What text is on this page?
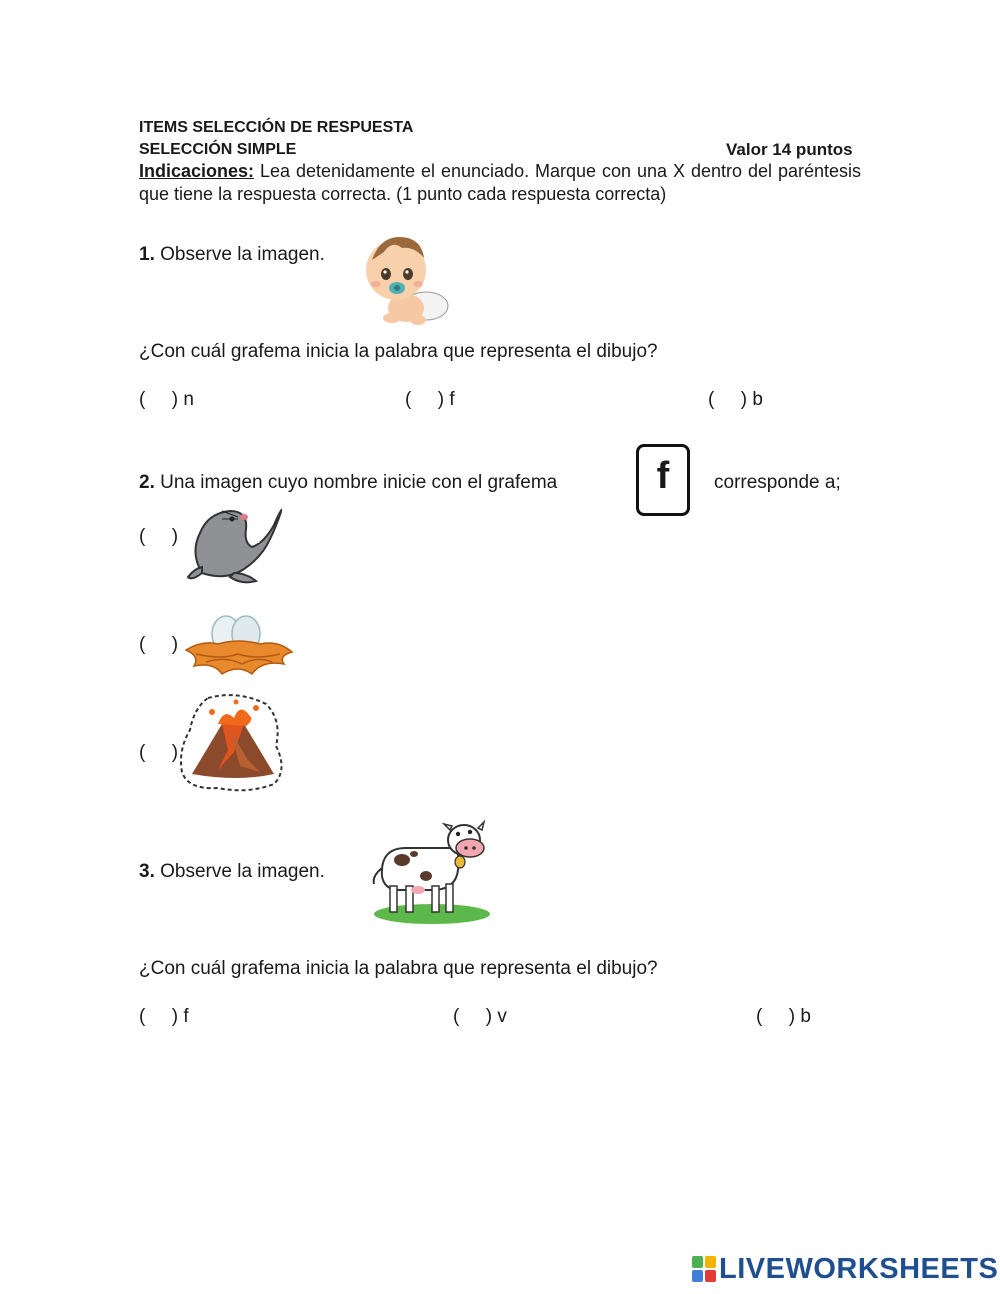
ITEMS SELECCIÓN DE RESPUESTA
SELECCIÓN SIMPLE	Valor 14 puntos
Indicaciones: Lea detenidamente el enunciado. Marque con una X dentro del paréntesis que tiene la respuesta correcta. (1 punto cada respuesta correcta)
1. Observe la imagen.
¿Con cuál grafema inicia la palabra que representa el dibujo?
(     ) n	(     ) f	(     ) b
2. Una imagen cuyo nombre inicie con el grafema	f	corresponde a;
(     )
(     )
(     )
3. Observe la imagen.
¿Con cuál grafema inicia la palabra que representa el dibujo?
(     ) f	(     ) v	(     ) b
LIVEWORKSHEETS
